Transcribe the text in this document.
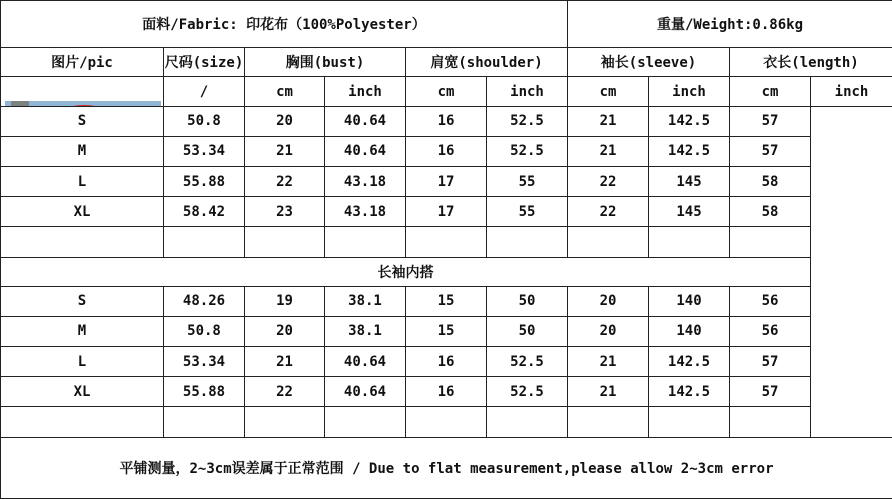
面料/Fabric: 印花布（100%Polyester）						重量/Weight:0.86kg			
图片/pic	尺码(size)	胸围(bust)		肩宽(shoulder)		袖长(sleeve)		衣长(length)	

	/	cm	inch	cm	inch	cm	inch	cm	inch
S	50.8	20	40.64	16	52.5	21	142.5	57	
M	53.34	21	40.64	16	52.5	21	142.5	57	
L	55.88	22	43.18	17	55	22	145	58	
XL	58.42	23	43.18	17	55	22	145	58	

长袖内搭									
S	48.26	19	38.1	15	50	20	140	56	
M	50.8	20	38.1	15	50	20	140	56	
L	53.34	21	40.64	16	52.5	21	142.5	57	
XL	55.88	22	40.64	16	52.5	21	142.5	57	

平铺测量，2~3cm误差属于正常范围 / Due to flat measurement,please allow 2~3cm error									
